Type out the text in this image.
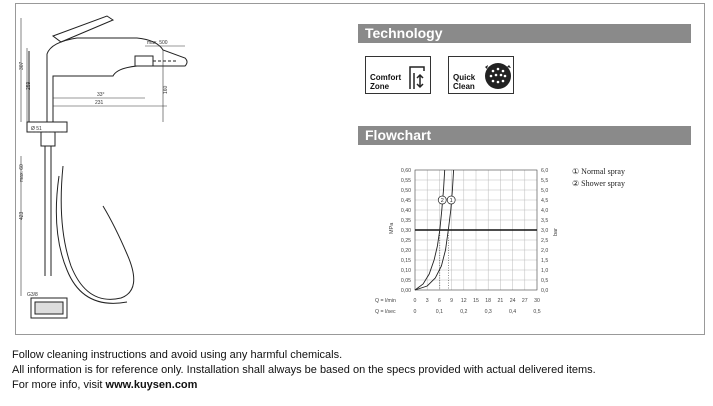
max. 500
307
259
33°
231
160
Ø 51
max. 60
423
G3/8
Technology
Comfort
Zone
Quick
Clean
Flowchart
0,00	0,0
0,05	0,5
0,10	1,0
0,15	1,5
0,20	2,0
0,25	2,5
0,30	3,0
0,35	3,5
0,40	4,0
0,45	4,5
0,50	5,0
0,55	5,5
0,60	6,0
0 3 6 9 12 15 18 21 24 27 30
0	0,1	0,2	0,3	0,4	0,5
Q = l/min
Q = l/sec
MPa	bar
1
2
① Normal spray
② Shower spray
Follow cleaning instructions and avoid using any harmful chemicals.
All information is for reference only. Installation shall always be based on the specs provided with actual delivered items.
For more info, visit www.kuysen.com
